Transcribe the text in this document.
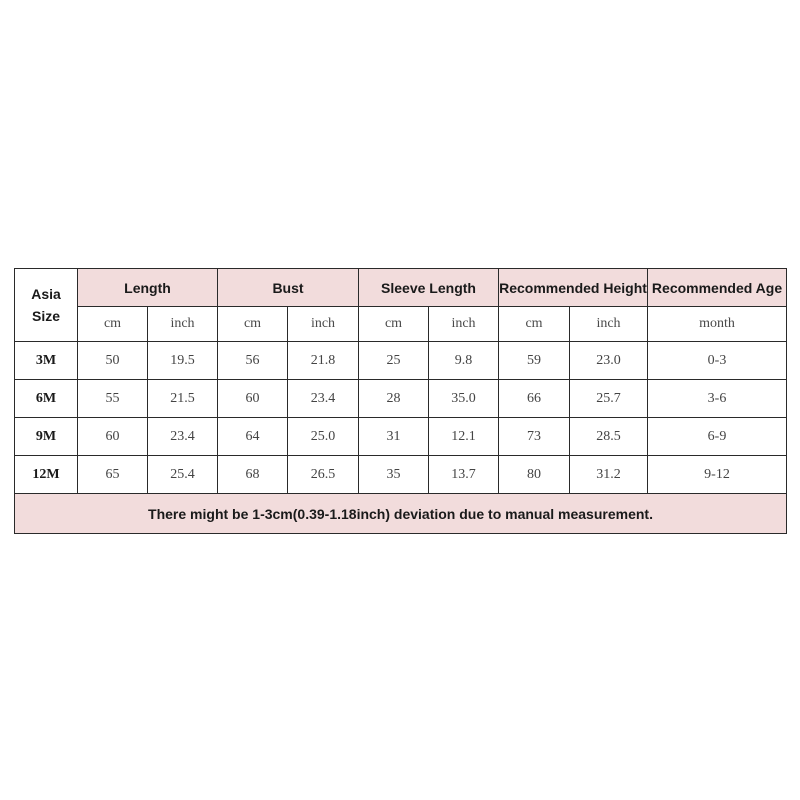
Asia
Size	Length		Bust		Sleeve Length		Recommended Height		Recommended Age
	cm	inch	cm	inch	cm	inch	cm	inch	month
3M	50	19.5	56	21.8	25	9.8	59	23.0	0-3
6M	55	21.5	60	23.4	28	35.0	66	25.7	3-6
9M	60	23.4	64	25.0	31	12.1	73	28.5	6-9
12M	65	25.4	68	26.5	35	13.7	80	31.2	9-12
There might be 1-3cm(0.39-1.18inch) deviation due to manual measurement.									
